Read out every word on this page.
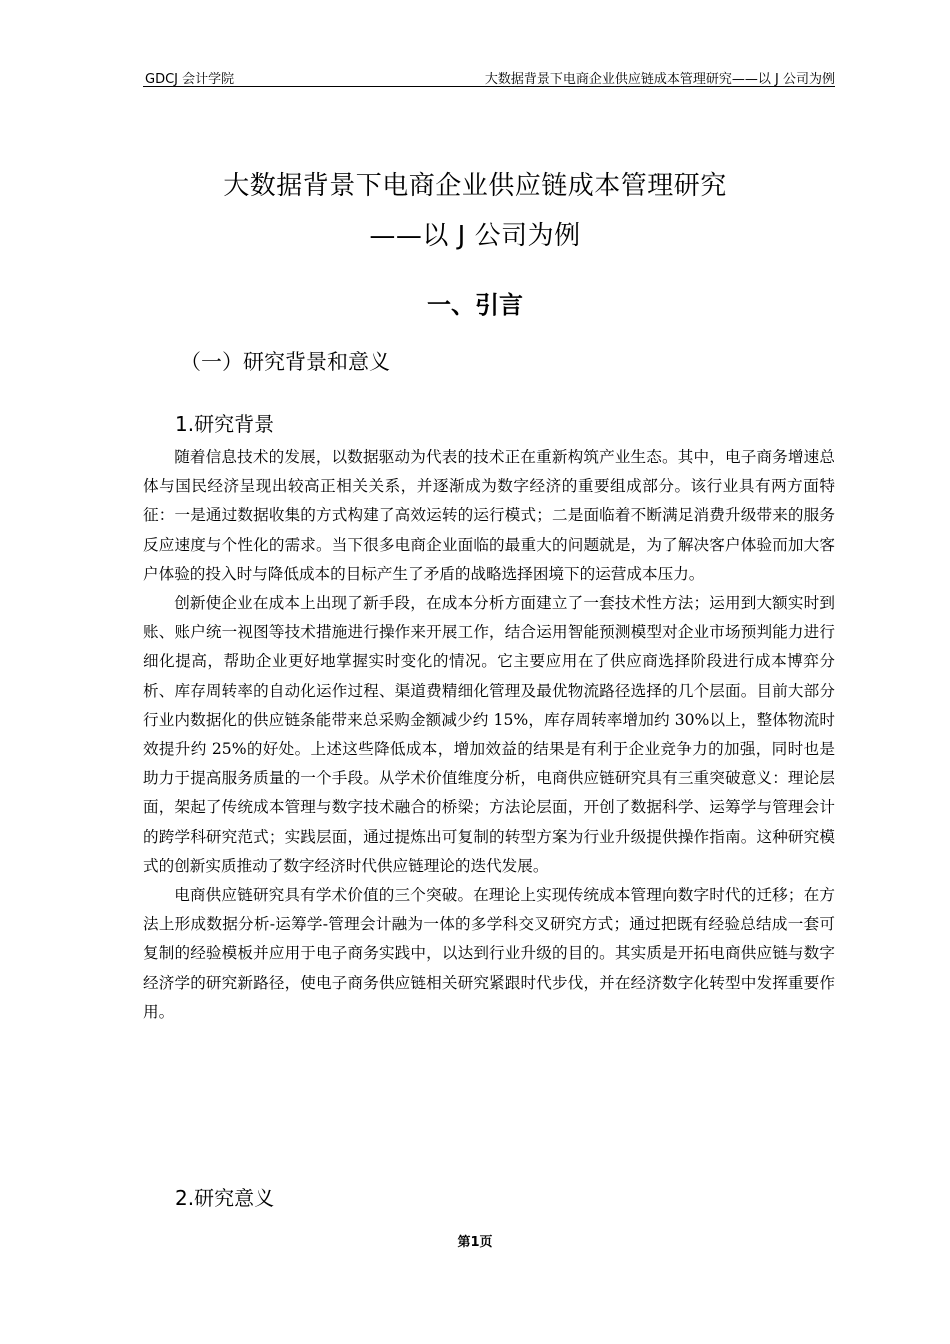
GDCJ 会计学院	大数据背景下电商企业供应链成本管理研究——以 J 公司为例
大数据背景下电商企业供应链成本管理研究
——以 J 公司为例
一、引言
（一）研究背景和意义
1.研究背景

随着信息技术的发展，以数据驱动为代表的技术正在重新构筑产业生态。其中，电子商务增速总体与国民经济呈现出较高正相关关系，并逐渐成为数字经济的重要组成部分。该行业具有两方面特征：一是通过数据收集的方式构建了高效运转的运行模式；二是面临着不断满足消费升级带来的服务反应速度与个性化的需求。当下很多电商企业面临的最重大的问题就是，为了解决客户体验而加大客户体验的投入时与降低成本的目标产生了矛盾的战略选择困境下的运营成本压力。

创新使企业在成本上出现了新手段，在成本分析方面建立了一套技术性方法；运用到大额实时到账、账户统一视图等技术措施进行操作来开展工作，结合运用智能预测模型对企业市场预判能力进行细化提高，帮助企业更好地掌握实时变化的情况。它主要应用在了供应商选择阶段进行成本博弈分析、库存周转率的自动化运作过程、渠道费精细化管理及最优物流路径选择的几个层面。目前大部分行业内数据化的供应链条能带来总采购金额减少约 15%，库存周转率增加约 30%以上，整体物流时效提升约 25%的好处。上述这些降低成本，增加效益的结果是有利于企业竞争力的加强，同时也是助力于提高服务质量的一个手段。从学术价值维度分析，电商供应链研究具有三重突破意义：理论层面，架起了传统成本管理与数字技术融合的桥梁；方法论层面，开创了数据科学、运筹学与管理会计的跨学科研究范式；实践层面，通过提炼出可复制的转型方案为行业升级提供操作指南。这种研究模式的创新实质推动了数字经济时代供应链理论的迭代发展。

电商供应链研究具有学术价值的三个突破。在理论上实现传统成本管理向数字时代的迁移；在方法上形成数据分析-运筹学-管理会计融为一体的多学科交叉研究方式；通过把既有经验总结成一套可复制的经验模板并应用于电子商务实践中，以达到行业升级的目的。其实质是开拓电商供应链与数字经济学的研究新路径，使电子商务供应链相关研究紧跟时代步伐，并在经济数字化转型中发挥重要作用。

2.研究意义
第1页
